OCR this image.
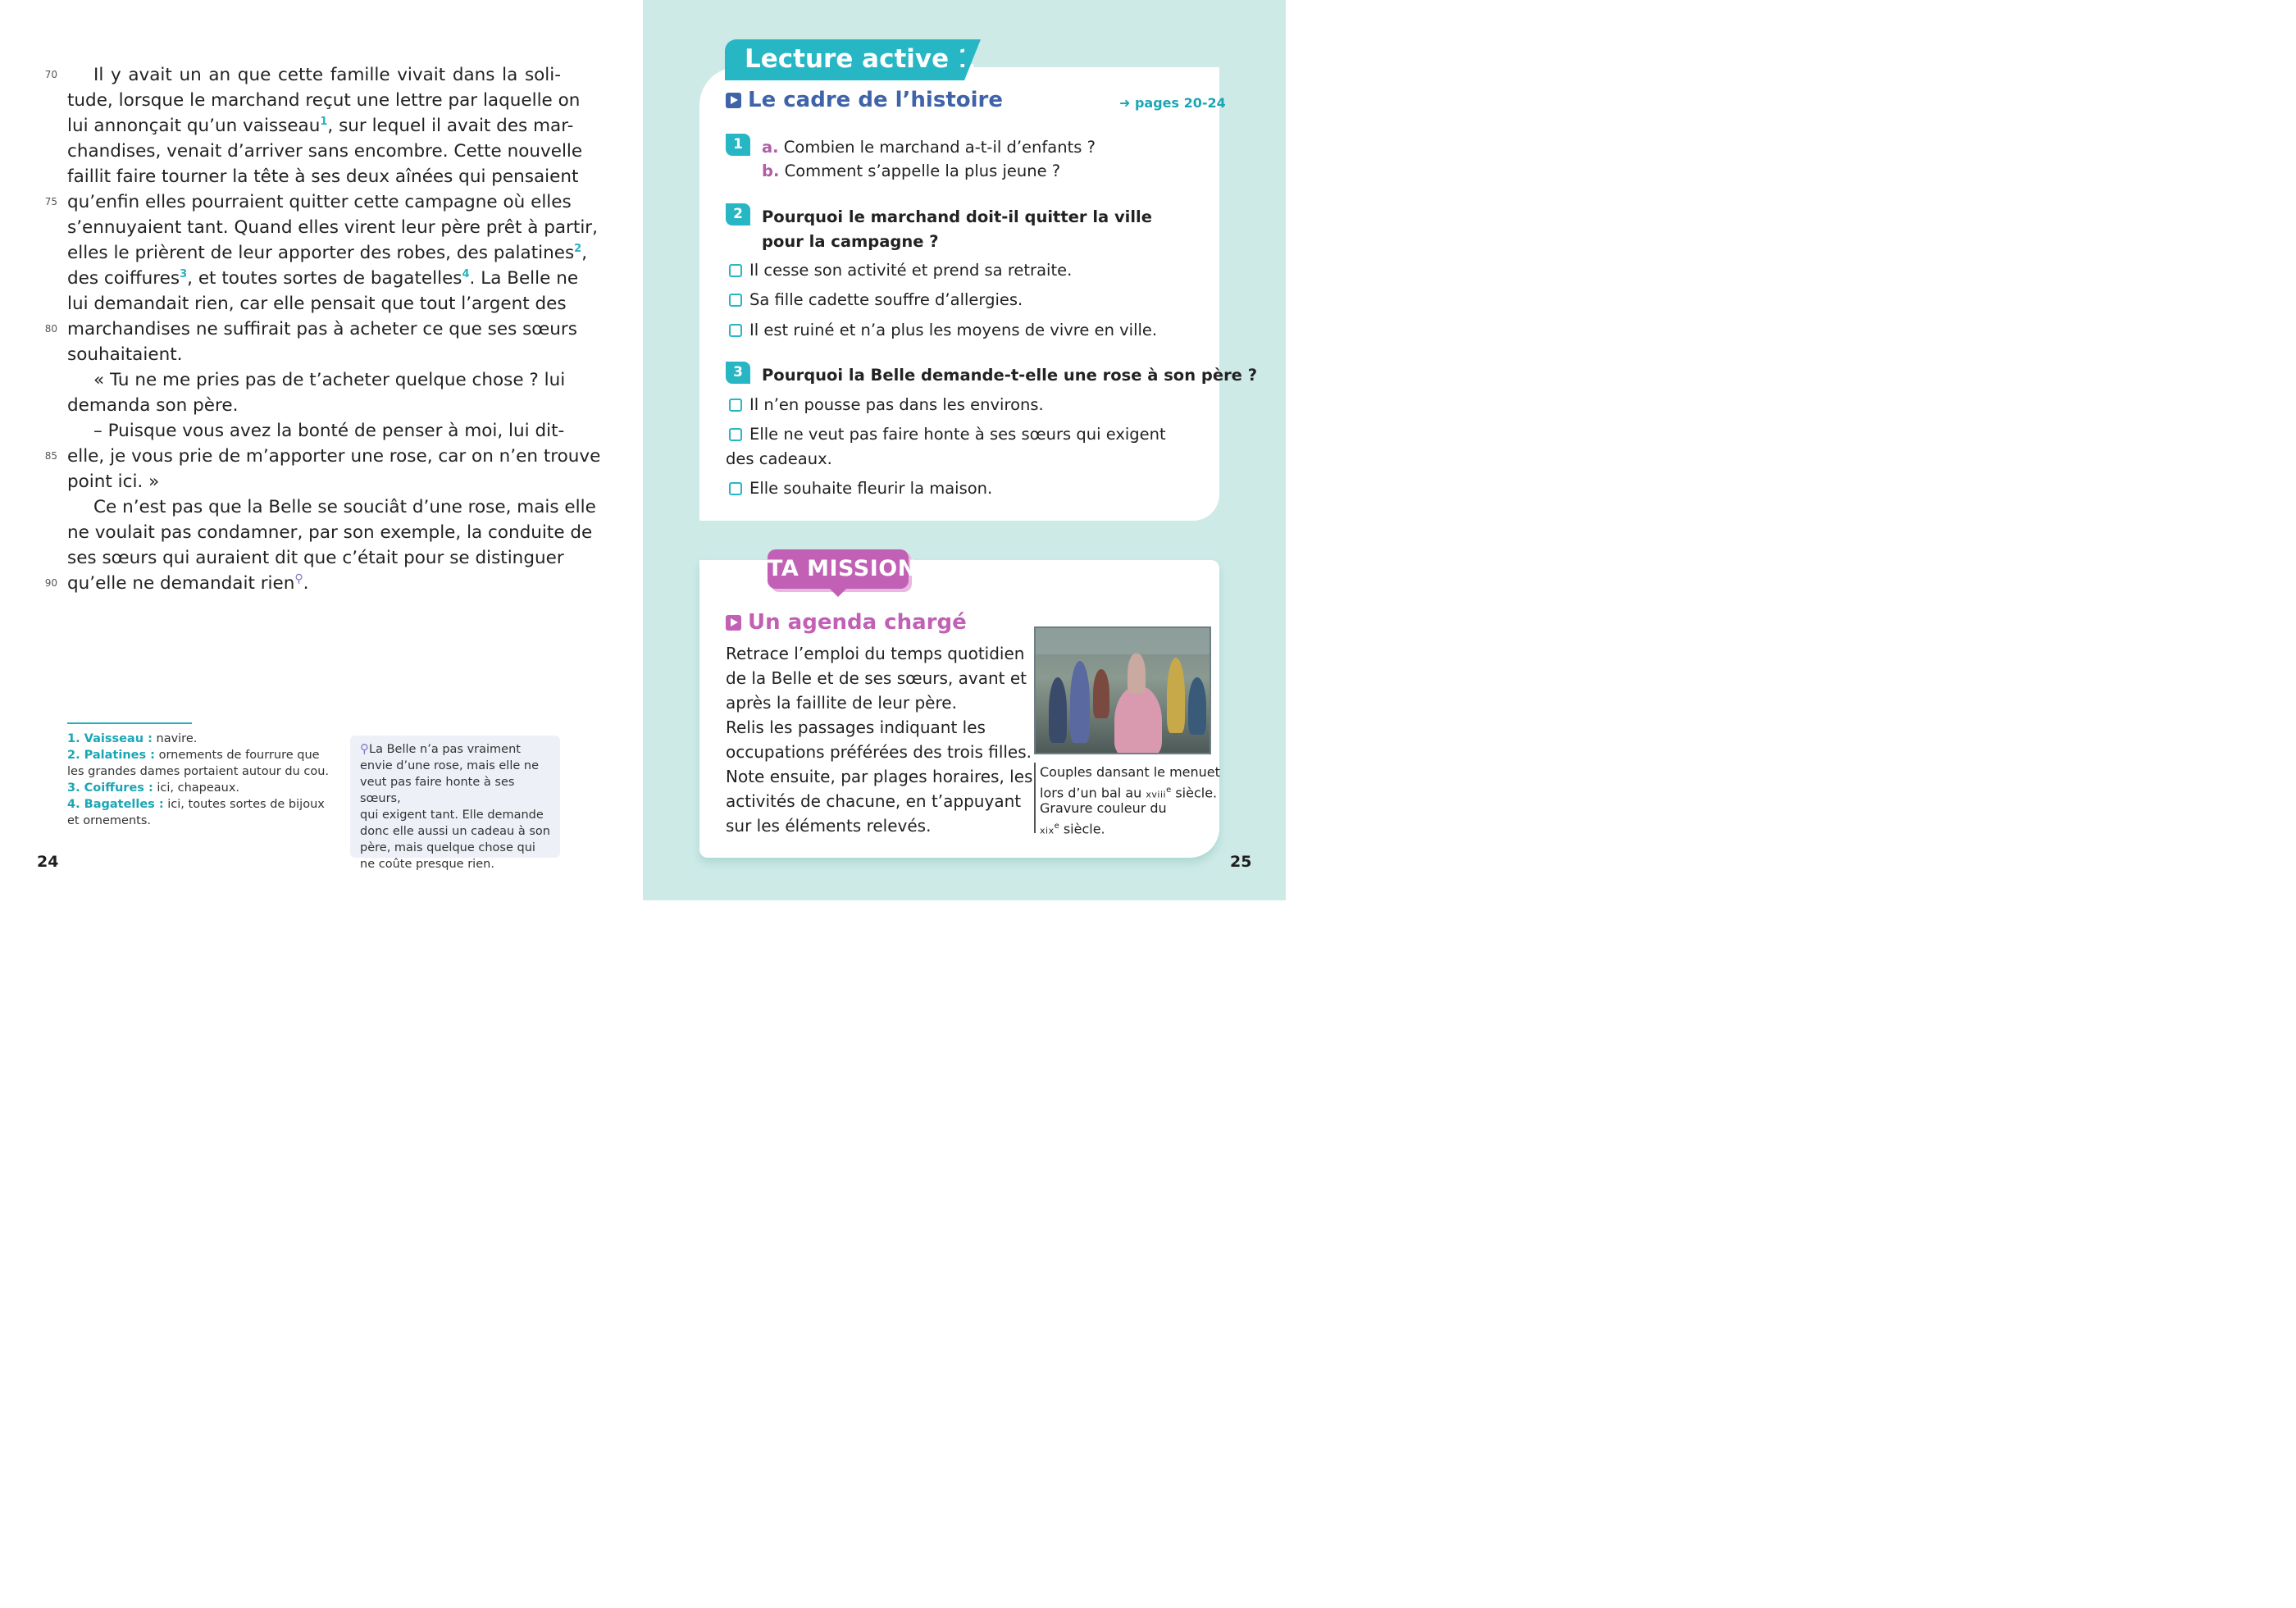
70
75
80
85
90
Il y avait un an que cette famille vivait dans la soli-
tude, lorsque le marchand reçut une lettre par laquelle on
lui annonçait qu’un vaisseau$^1$, sur lequel il avait des mar-
chandises, venait d’arriver sans encombre. Cette nouvelle
faillit faire tourner la tête à ses deux aînées qui pensaient
qu’enfin elles pourraient quitter cette campagne où elles
s’ennuyaient tant. Quand elles virent leur père prêt à partir,
elles le prièrent de leur apporter des robes, des palatines$^2$,
des coiffures$^3$, et toutes sortes de bagatelles$^4$. La Belle ne
lui demandait rien, car elle pensait que tout l’argent des
marchandises ne suffirait pas à acheter ce que ses sœurs
souhaitaient.
« Tu ne me pries pas de t’acheter quelque chose ? lui
demanda son père.
– Puisque vous avez la bonté de penser à moi, lui dit-
elle, je vous prie de m’apporter une rose, car on n’en trouve
point ici. »
Ce n’est pas que la Belle se souciât d’une rose, mais elle
ne voulait pas condamner, par son exemple, la conduite de
ses sœurs qui auraient dit que c’était pour se distinguer
qu’elle ne demandait rien⚲.
1. Vaisseau : navire.
2. Palatines : ornements de fourrure que les grandes dames portaient autour du cou.
3. Coiffures : ici, chapeaux.
4. Bagatelles : ici, toutes sortes de bijoux et ornements.
⚲La Belle n’a pas vraiment
envie d’une rose, mais elle ne
veut pas faire honte à ses sœurs,
qui exigent tant. Elle demande
donc elle aussi un cadeau à son
père, mais quelque chose qui
ne coûte presque rien.
24
Lecture active 1
Le cadre de l’histoire	➜ pages 20-24
1	a. Combien le marchand a-t-il d’enfants ?
b. Comment s’appelle la plus jeune ?
2	Pourquoi le marchand doit-il quitter la ville
pour la campagne ?
Il cesse son activité et prend sa retraite.
Sa fille cadette souffre d’allergies.
Il est ruiné et n’a plus les moyens de vivre en ville.
3	Pourquoi la Belle demande-t-elle une rose à son père ?
Il n’en pousse pas dans les environs.
Elle ne veut pas faire honte à ses sœurs qui exigent
des cadeaux.
Elle souhaite fleurir la maison.
TA MISSION
Un agenda chargé
Retrace l’emploi du temps quotidien
de la Belle et de ses sœurs, avant et
après la faillite de leur père.
Relis les passages indiquant les
occupations préférées des trois filles.
Note ensuite, par plages horaires, les
activités de chacune, en t’appuyant
sur les éléments relevés.
Couples dansant le menuet
lors d’un bal au xviii$^e$ siècle.
Gravure couleur du
xix$^e$ siècle.
25
